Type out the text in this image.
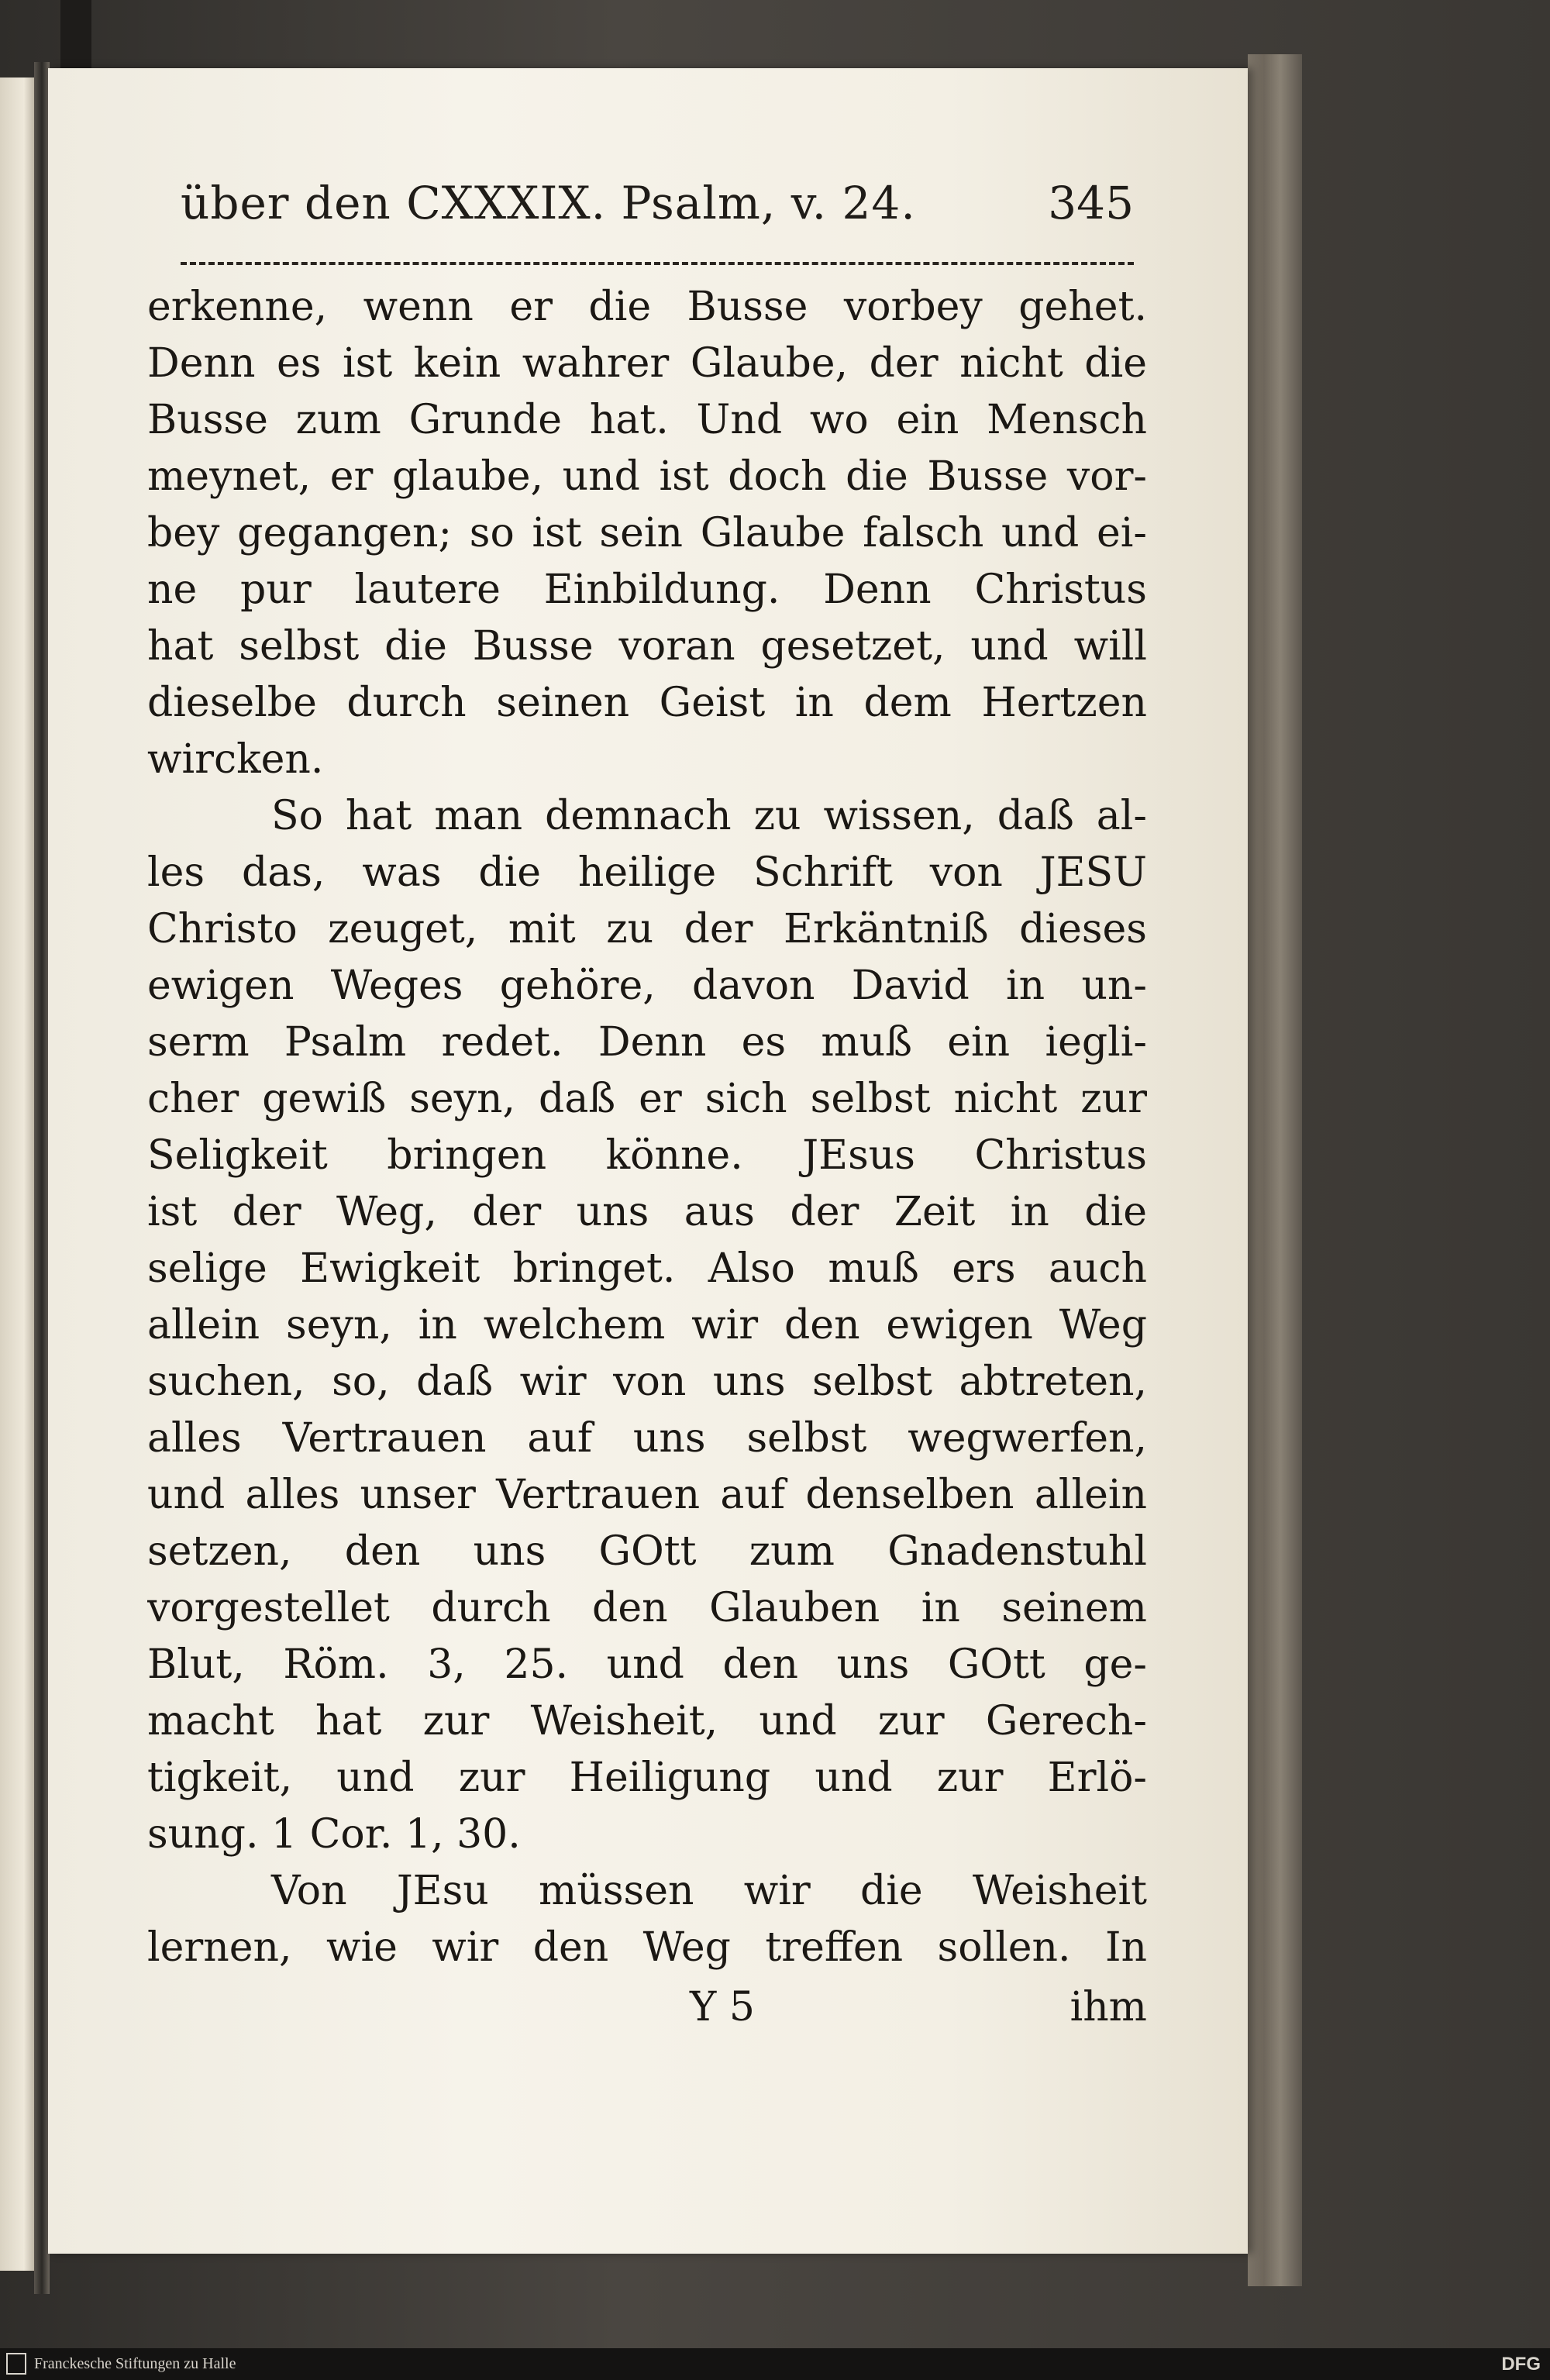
über den CXXXIX. Psalm, v. 24.	345
erkenne, wenn er die Busse vorbey gehet.
Denn es ist kein wahrer Glaube, der nicht die
Busse zum Grunde hat. Und wo ein Mensch
meynet, er glaube, und ist doch die Busse vor-
bey gegangen; so ist sein Glaube falsch und ei-
ne pur lautere Einbildung. Denn Christus
hat selbst die Busse voran gesetzet, und will
dieselbe durch seinen Geist in dem Hertzen
wircken.
So hat man demnach zu wissen, daß al-
les das, was die heilige Schrift von JESU
Christo zeuget, mit zu der Erkäntniß dieses
ewigen Weges gehöre, davon David in un-
serm Psalm redet. Denn es muß ein iegli-
cher gewiß seyn, daß er sich selbst nicht zur
Seligkeit bringen könne. JEsus Christus
ist der Weg, der uns aus der Zeit in die
selige Ewigkeit bringet. Also muß ers auch
allein seyn, in welchem wir den ewigen Weg
suchen, so, daß wir von uns selbst abtreten,
alles Vertrauen auf uns selbst wegwerfen,
und alles unser Vertrauen auf denselben allein
setzen, den uns GOtt zum Gnadenstuhl
vorgestellet durch den Glauben in seinem
Blut, Röm. 3, 25. und den uns GOtt ge-
macht hat zur Weisheit, und zur Gerech-
tigkeit, und zur Heiligung und zur Erlö-
sung. 1 Cor. 1, 30.
Von JEsu müssen wir die Weisheit
lernen, wie wir den Weg treffen sollen. In
Y 5	ihm
Franckesche Stiftungen zu Halle	DFG
